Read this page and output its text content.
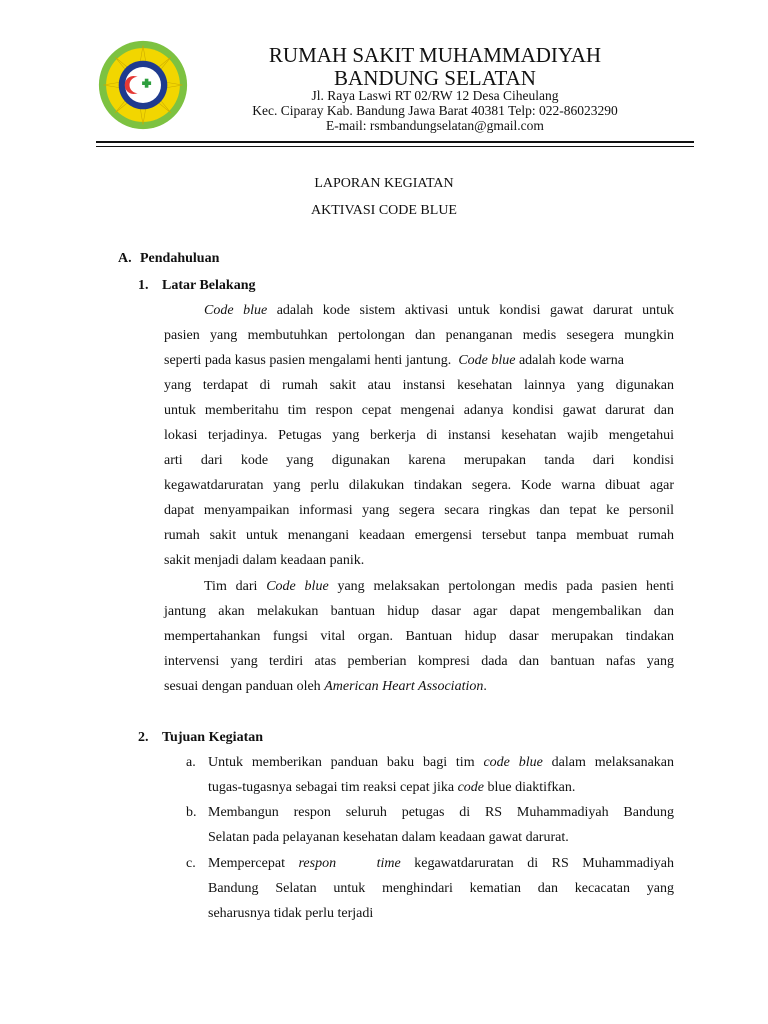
RUMAH SAKIT MUHAMMADIYAH
BANDUNG SELATAN
Jl. Raya Laswi RT 02/RW 12 Desa Ciheulang
Kec. Ciparay Kab. Bandung Jawa Barat 40381 Telp: 022-86023290
E-mail: rsmbandungselatan@gmail.com
LAPORAN KEGIATAN
AKTIVASI CODE BLUE
A. Pendahuluan
1. Latar Belakang
Code blue adalah kode sistem aktivasi untuk kondisi gawat darurat untuk
pasien yang membutuhkan pertolongan dan penanganan medis sesegera mungkin
seperti pada kasus pasien mengalami henti jantung. Code blue adalah kode warna
yang terdapat di rumah sakit atau instansi kesehatan lainnya yang digunakan
untuk memberitahu tim respon cepat mengenai adanya kondisi gawat darurat dan
lokasi terjadinya. Petugas yang berkerja di instansi kesehatan wajib mengetahui
arti dari kode yang digunakan karena merupakan tanda dari kondisi
kegawatdaruratan yang perlu dilakukan tindakan segera. Kode warna dibuat agar
dapat menyampaikan informasi yang segera secara ringkas dan tepat ke personil
rumah sakit untuk menangani keadaan emergensi tersebut tanpa membuat rumah
sakit menjadi dalam keadaan panik.
Tim dari Code blue yang melaksakan pertolongan medis pada pasien henti
jantung akan melakukan bantuan hidup dasar agar dapat mengembalikan dan
mempertahankan fungsi vital organ. Bantuan hidup dasar merupakan tindakan
intervensi yang terdiri atas pemberian kompresi dada dan bantuan nafas yang
sesuai dengan panduan oleh American Heart Association.
2. Tujuan Kegiatan
a. Untuk memberikan panduan baku bagi tim code blue dalam melaksanakan
tugas-tugasnya sebagai tim reaksi cepat jika code blue diaktifkan.
b. Membangun respon seluruh petugas di RS Muhammadiyah Bandung
Selatan pada pelayanan kesehatan dalam keadaan gawat darurat.
c. Mempercepat respon	time kegawatdaruratan di RS Muhammadiyah
Bandung Selatan untuk menghindari kematian dan kecacatan yang
seharusnya tidak perlu terjadi
